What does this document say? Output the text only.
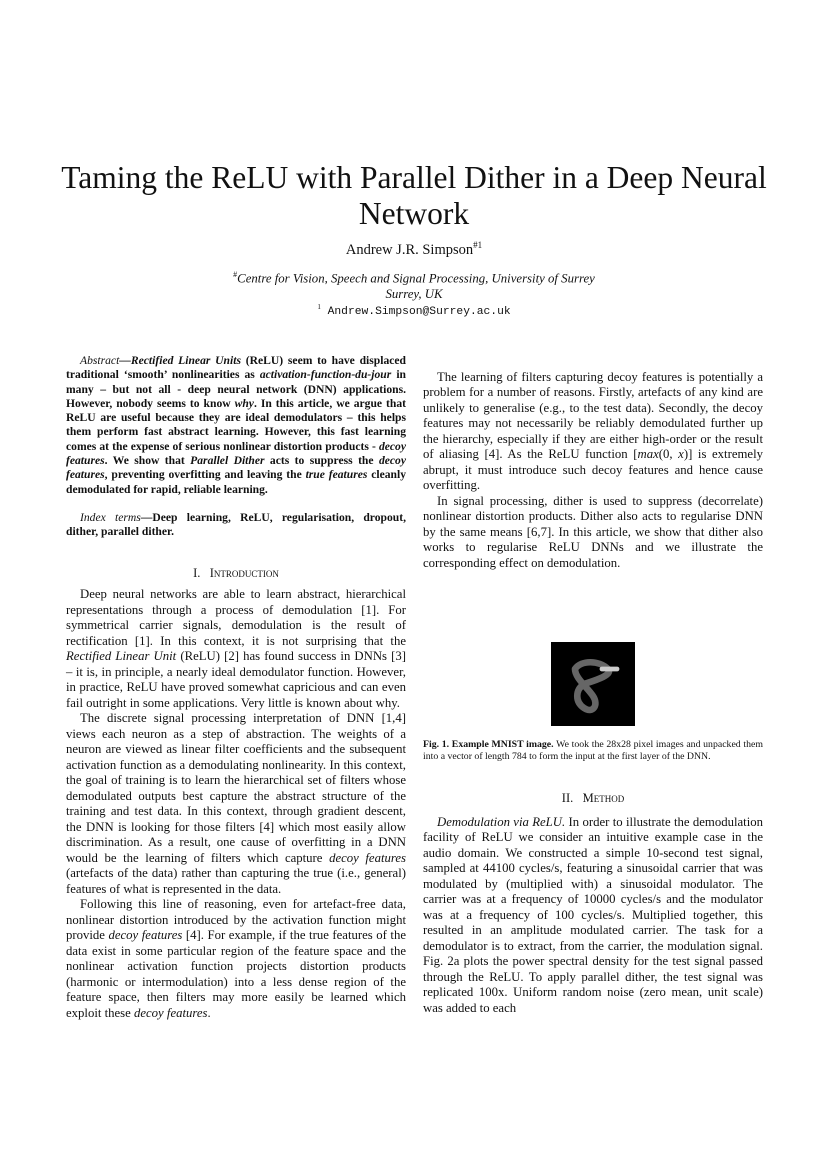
Taming the ReLU with Parallel Dither in a Deep Neural Network
Andrew J.R. Simpson$^{\#1}$
#Centre for Vision, Speech and Signal Processing, University of Surrey
Surrey, UK
$^1$ Andrew.Simpson@Surrey.ac.uk

Abstract—Rectified Linear Units (ReLU) seem to have displaced traditional ‘smooth’ nonlinearities as activation-function-du-jour in many – but not all - deep neural network (DNN) applications. However, nobody seems to know why. In this article, we argue that ReLU are useful because they are ideal demodulators – this helps them perform fast abstract learning. However, this fast learning comes at the expense of serious nonlinear distortion products - decoy features. We show that Parallel Dither acts to suppress the decoy features, preventing overfitting and leaving the true features cleanly demodulated for rapid, reliable learning.

Index terms—Deep learning, ReLU, regularisation, dropout, dither, parallel dither.

I. Introduction

Deep neural networks are able to learn abstract, hierarchical representations through a process of demodulation [1]. For symmetrical carrier signals, demodulation is the result of rectification [1]. In this context, it is not surprising that the Rectified Linear Unit (ReLU) [2] has found success in DNNs [3] – it is, in principle, a nearly ideal demodulator function. However, in practice, ReLU have proved somewhat capricious and can even fail outright in some applications. Very little is known about why.

The discrete signal processing interpretation of DNN [1,4] views each neuron as a step of abstraction. The weights of a neuron are viewed as linear filter coefficients and the subsequent activation function as a demodulating nonlinearity. In this context, the goal of training is to learn the hierarchical set of filters whose demodulated outputs best capture the abstract structure of the training and test data. In this context, through gradient descent, the DNN is looking for those filters [4] which most easily allow discrimination. As a result, one cause of overfitting in a DNN would be the learning of filters which capture decoy features (artefacts of the data) rather than capturing the true (i.e., general) features of what is represented in the data.

Following this line of reasoning, even for artefact-free data, nonlinear distortion introduced by the activation function might provide decoy features [4]. For example, if the true features of the data exist in some particular region of the feature space and the nonlinear activation function projects distortion products (harmonic or intermodulation) into a less dense region of the feature space, then filters may more easily be learned which exploit these decoy features.

The learning of filters capturing decoy features is potentially a problem for a number of reasons. Firstly, artefacts of any kind are unlikely to generalise (e.g., to the test data). Secondly, the decoy features may not necessarily be reliably demodulated further up the hierarchy, especially if they are either high-order or the result of aliasing [4]. As the ReLU function [max(0, x)] is extremely abrupt, it must introduce such decoy features and hence cause overfitting.

In signal processing, dither is used to suppress (decorrelate) nonlinear distortion products. Dither also acts to regularise DNN by the same means [6,7]. In this article, we show that dither also works to regularise ReLU DNNs and we illustrate the corresponding effect on demodulation.

Fig. 1. Example MNIST image. We took the 28x28 pixel images and unpacked them into a vector of length 784 to form the input at the first layer of the DNN.

II. Method

Demodulation via ReLU. In order to illustrate the demodulation facility of ReLU we consider an intuitive example case in the audio domain. We constructed a simple 10-second test signal, sampled at 44100 cycles/s, featuring a sinusoidal carrier that was modulated by (multiplied with) a sinusoidal modulator. The carrier was at a frequency of 10000 cycles/s and the modulator was at a frequency of 100 cycles/s. Multiplied together, this resulted in an amplitude modulated carrier. The task for a demodulator is to extract, from the carrier, the modulation signal. Fig. 2a plots the power spectral density for the test signal passed through the ReLU. To apply parallel dither, the test signal was replicated 100x. Uniform random noise (zero mean, unit scale) was added to each
